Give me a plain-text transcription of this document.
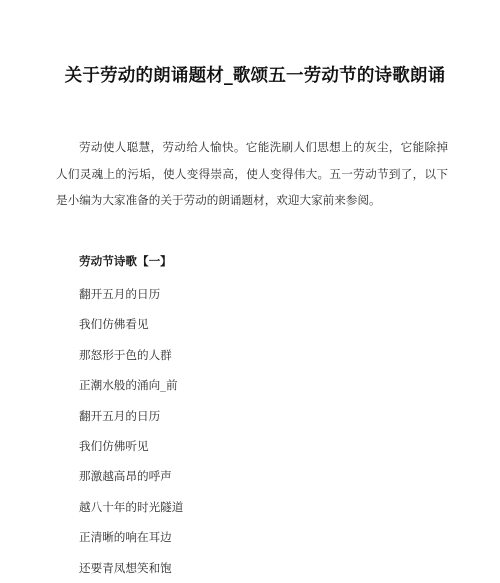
关于劳动的朗诵题材_歌颂五一劳动节的诗歌朗诵

劳动使人聪慧，劳动给人愉快。它能洗刷人们思想上的灰尘，它能除掉人们灵魂上的污垢，使人变得崇高，使人变得伟大。五一劳动节到了，以下是小编为大家准备的关于劳动的朗诵题材，欢迎大家前来参阅。

劳动节诗歌【一】
翻开五月的日历
我们仿佛看见
那怒形于色的人群
正潮水般的涌向_前
翻开五月的日历
我们仿佛听见
那激越高昂的呼声
越八十年的时光隧道
正清晰的响在耳边
还要青凤想笑和饱
